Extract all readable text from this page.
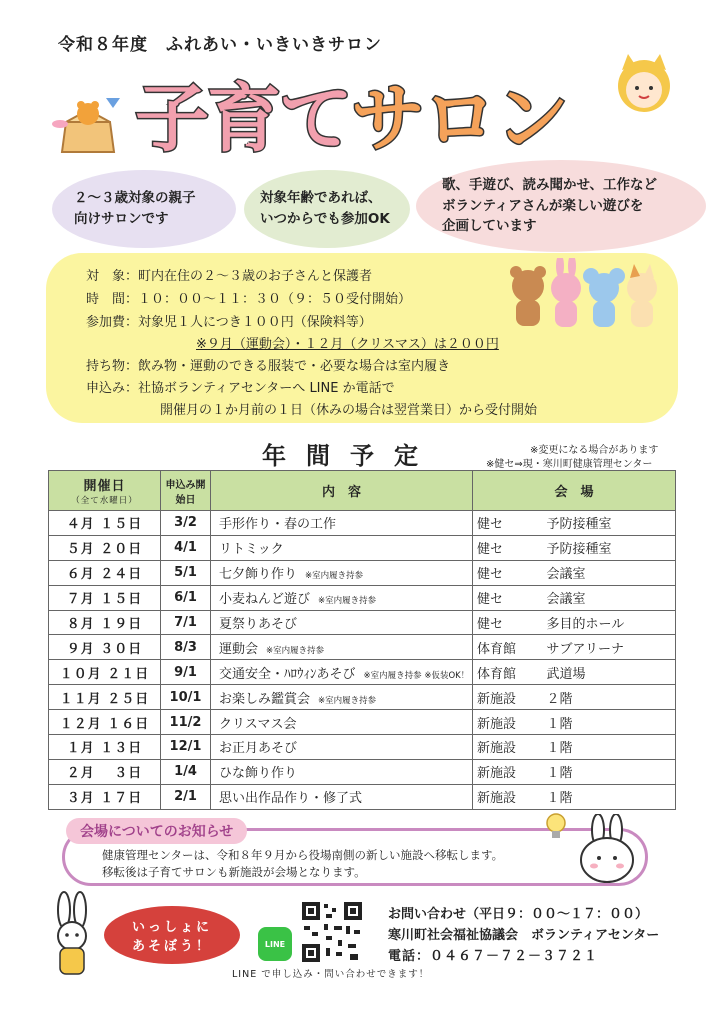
令和８年度　ふれあい・いきいきサロン
子育て サロン
２～３歳対象の親子
向けサロンです
対象年齢であれば、
いつからでも参加OK
歌、手遊び、読み聞かせ、工作など
ボランティアさんが楽しい遊びを
企画しています
対　象：町内在住の２～３歳のお子さんと保護者
時　間：１０：００～１１：３０（９：５０受付開始）
参加費：対象児１人につき１００円（保険料等）
※９月（運動会）・１２月（クリスマス）は２００円
持ち物：飲み物・運動のできる服装で・必要な場合は室内履き
申込み：社協ボランティアセンターへ LINE か電話で
開催月の１か月前の１日（休みの場合は翌営業日）から受付開始
年間予定	※変更になる場合があります
※健セ⇒現・寒川町健康管理センター
開催日
（全て水曜日）	申込み開始日	内　容	会　場	
４月 １５日	3/2	手形作り・春の工作	健セ	予防接種室
５月 ２０日	4/1	リトミック	健セ	予防接種室
６月 ２４日	5/1	七夕飾り作り ※室内履き持参	健セ	会議室
７月 １５日	6/1	小麦ねんど遊び ※室内履き持参	健セ	会議室
８月 １９日	7/1	夏祭りあそび	健セ	多目的ホール
９月 ３０日	8/3	運動会 ※室内履き持参	体育館	サブアリーナ
１０月 ２１日	9/1	交通安全・ﾊﾛｳｨﾝあそび ※室内履き持参 ※仮装OK！	体育館	武道場
１１月 ２５日	10/1	お楽しみ鑑賞会 ※室内履き持参	新施設	２階
１２月 １６日	11/2	クリスマス会	新施設	１階
１月 １３日	12/1	お正月あそび	新施設	１階
２月　 ３日	1/4	ひな飾り作り	新施設	１階
３月 １７日	2/1	思い出作品作り・修了式	新施設	１階
会場についてのお知らせ
健康管理センターは、令和８年９月から役場南側の新しい施設へ移転します。
移転後は子育てサロンも新施設が会場となります。
いっしょに
あそぼう！	LINE
LINE で申し込み・問い合わせできます！
お問い合わせ（平日９：００～１７：００）
寒川町社会福祉協議会　ボランティアセンター
電話：０４６７－７２－３７２１
